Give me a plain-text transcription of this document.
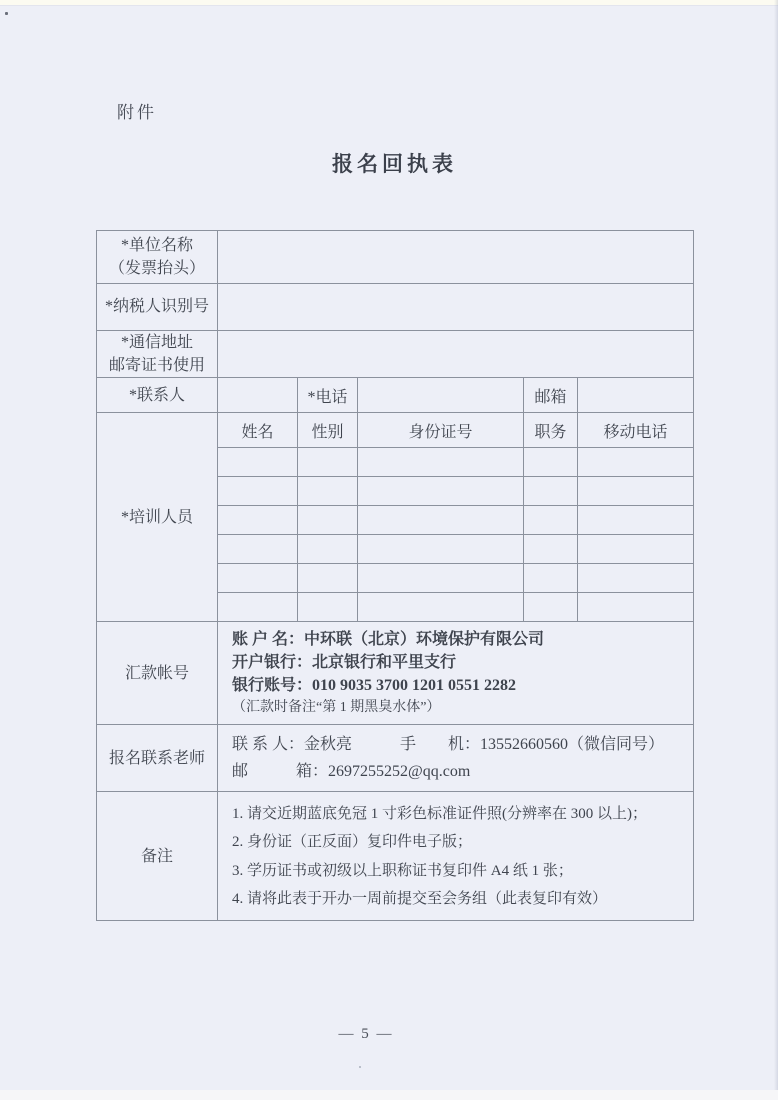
附件
报名回执表
*单位名称
（发票抬头）					

*纳税人识别号					

*通信地址
邮寄证书使用					

*联系人		*电话		邮箱	
*培训人员	姓名	性别	身份证号	职务	移动电话

汇款帐号	账 户 名：中环联（北京）环境保护有限公司
开户银行：北京银行和平里支行
银行账号：010 9035 3700 1201 0551 2282
（汇款时备注“第 1 期黑臭水体”）				

报名联系老师	联 系 人：金秋亮　　　手　　机：13552660560（微信同号）
邮　　　箱：2697255252@qq.com				

备注	1. 请交近期蓝底免冠 1 寸彩色标准证件照(分辨率在 300 以上)；
2. 身份证（正反面）复印件电子版；
3. 学历证书或初级以上职称证书复印件 A4 纸 1 张；
4. 请将此表于开办一周前提交至会务组（此表复印有效）				
— 5 —
